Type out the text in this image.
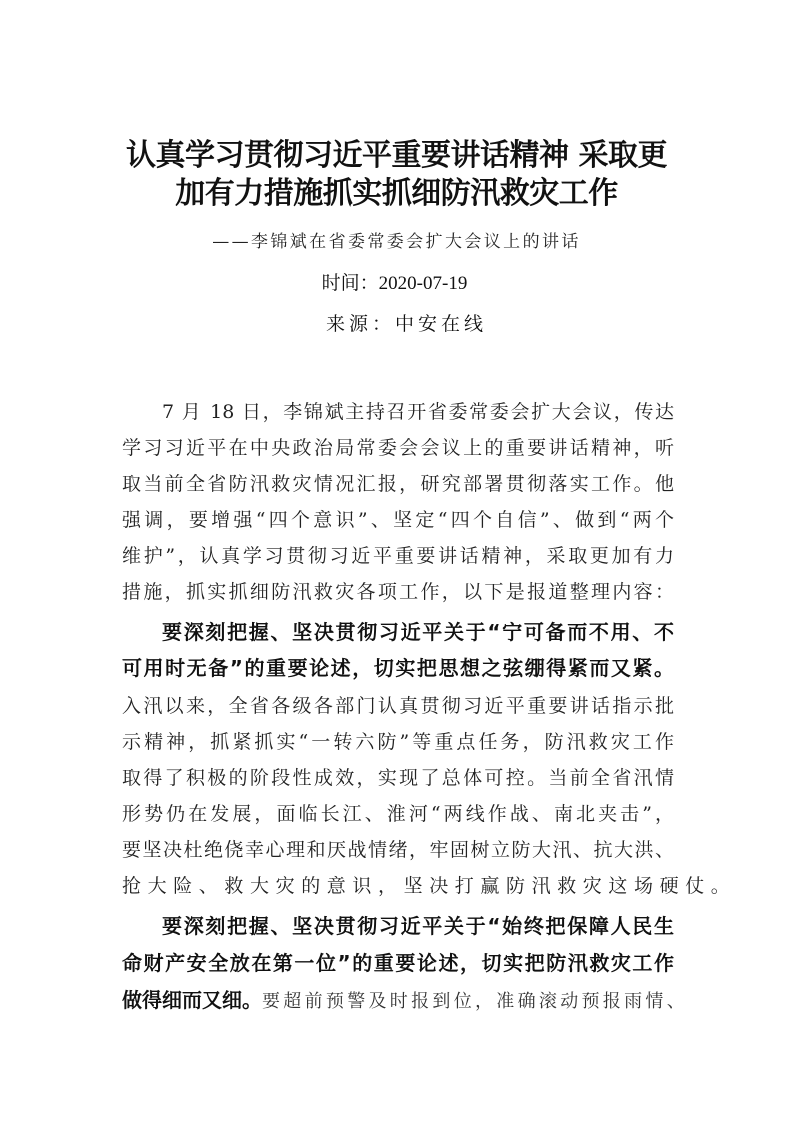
认真学习贯彻习近平重要讲话精神 采取更
加有力措施抓实抓细防汛救灾工作
——李锦斌在省委常委会扩大会议上的讲话
时间：2020-07-19
来源：中安在线
7 月 18 日，李锦斌主持召开省委常委会扩大会议，传达
学习习近平在中央政治局常委会会议上的重要讲话精神，听
取当前全省防汛救灾情况汇报，研究部署贯彻落实工作。他
强调，要增强“四个意识”、坚定“四个自信”、做到“两个
维护”，认真学习贯彻习近平重要讲话精神，采取更加有力
措施，抓实抓细防汛救灾各项工作，以下是报道整理内容：
要深刻把握、坚决贯彻习近平关于“宁可备而不用、不
可用时无备”的重要论述，切实把思想之弦绷得紧而又紧。
入汛以来，全省各级各部门认真贯彻习近平重要讲话指示批
示精神，抓紧抓实“一转六防”等重点任务，防汛救灾工作
取得了积极的阶段性成效，实现了总体可控。当前全省汛情
形势仍在发展，面临长江、淮河“两线作战、南北夹击”，
要坚决杜绝侥幸心理和厌战情绪，牢固树立防大汛、抗大洪、
抢大险、救大灾的意识，坚决打赢防汛救灾这场硬仗。
要深刻把握、坚决贯彻习近平关于“始终把保障人民生
命财产安全放在第一位”的重要论述，切实把防汛救灾工作
做得细而又细。要超前预警及时报到位，准确滚动预报雨情、
